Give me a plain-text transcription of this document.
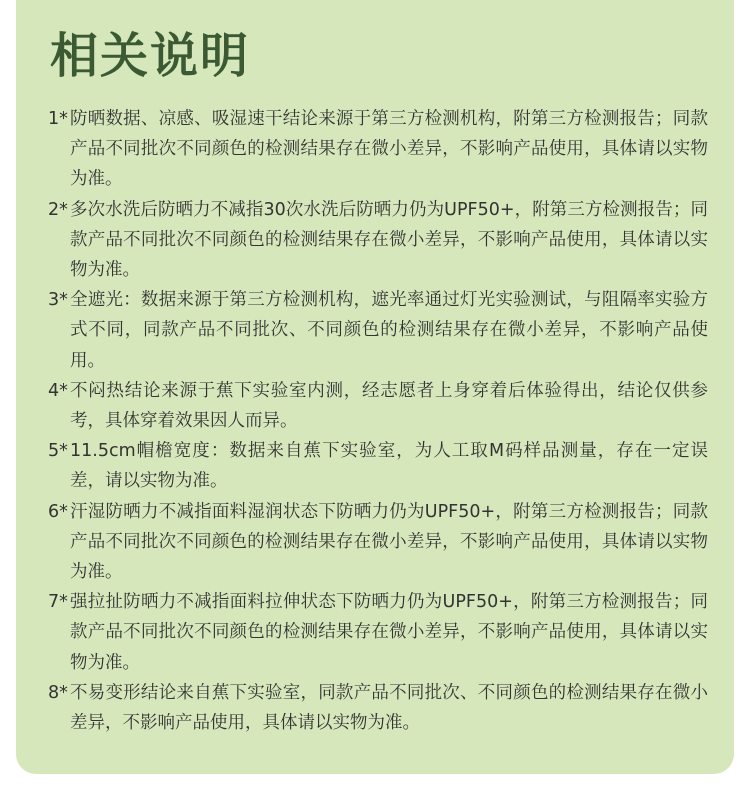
相关说明
1* 防晒数据、凉感、吸湿速干结论来源于第三方检测机构，附第三方检测报告；同款产品不同批次不同颜色的检测结果存在微小差异，不影响产品使用，具体请以实物为准。
2* 多次水洗后防晒力不减指30次水洗后防晒力仍为UPF50+，附第三方检测报告；同款产品不同批次不同颜色的检测结果存在微小差异，不影响产品使用，具体请以实物为准。
3* 全遮光：数据来源于第三方检测机构，遮光率通过灯光实验测试，与阻隔率实验方式不同，同款产品不同批次、不同颜色的检测结果存在微小差异，不影响产品使用。
4* 不闷热结论来源于蕉下实验室内测，经志愿者上身穿着后体验得出，结论仅供参考，具体穿着效果因人而异。
5* 11.5cm帽檐宽度：数据来自蕉下实验室，为人工取M码样品测量，存在一定误差，请以实物为准。
6* 汗湿防晒力不减指面料湿润状态下防晒力仍为UPF50+，附第三方检测报告；同款产品不同批次不同颜色的检测结果存在微小差异，不影响产品使用，具体请以实物为准。
7* 强拉扯防晒力不减指面料拉伸状态下防晒力仍为UPF50+，附第三方检测报告；同款产品不同批次不同颜色的检测结果存在微小差异，不影响产品使用，具体请以实物为准。
8* 不易变形结论来自蕉下实验室，同款产品不同批次、不同颜色的检测结果存在微小差异，不影响产品使用，具体请以实物为准。
